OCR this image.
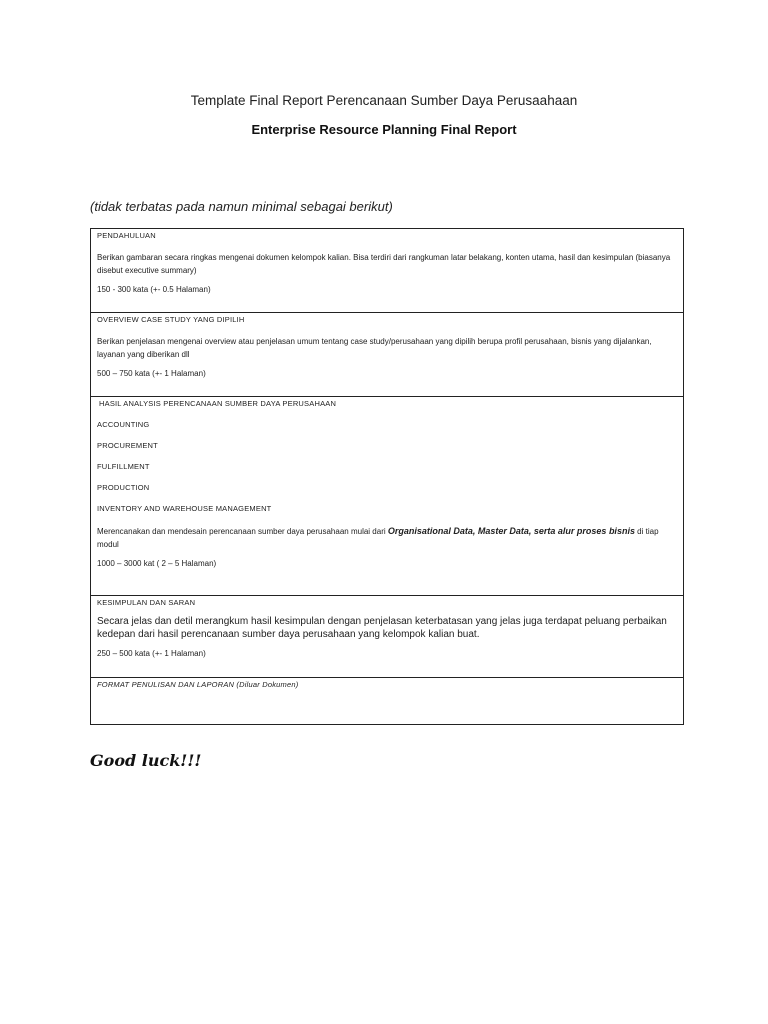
Template Final Report Perencanaan Sumber Daya Perusaahaan
Enterprise Resource Planning Final Report
(tidak terbatas pada namun minimal sebagai berikut)
PENDAHULUAN
Berikan gambaran secara ringkas mengenai dokumen kelompok kalian. Bisa terdiri dari rangkuman latar belakang, konten utama, hasil dan kesimpulan (biasanya disebut executive summary)
150 - 300 kata (+- 0.5 Halaman)

OVERVIEW CASE STUDY YANG DIPILIH
Berikan penjelasan mengenai overview atau penjelasan umum tentang case study/perusahaan yang dipilih berupa profil perusahaan, bisnis yang dijalankan, layanan yang diberikan dll
500 – 750 kata (+- 1 Halaman)

HASIL ANALYSIS PERENCANAAN SUMBER DAYA PERUSAHAAN
ACCOUNTING
PROCUREMENT
FULFILLMENT
PRODUCTION
INVENTORY AND WAREHOUSE MANAGEMENT
Merencanakan dan mendesain perencanaan sumber daya perusahaan mulai dari Organisational Data, Master Data, serta alur proses bisnis di tiap modul
1000 – 3000 kat ( 2 – 5 Halaman)

KESIMPULAN DAN SARAN
Secara jelas dan detil merangkum hasil kesimpulan dengan penjelasan keterbatasan yang jelas juga terdapat peluang perbaikan kedepan dari hasil perencanaan sumber daya perusahaan yang kelompok kalian buat.
250 – 500 kata (+- 1 Halaman)

FORMAT PENULISAN DAN LAPORAN (Diluar Dokumen)
Good luck!!!
